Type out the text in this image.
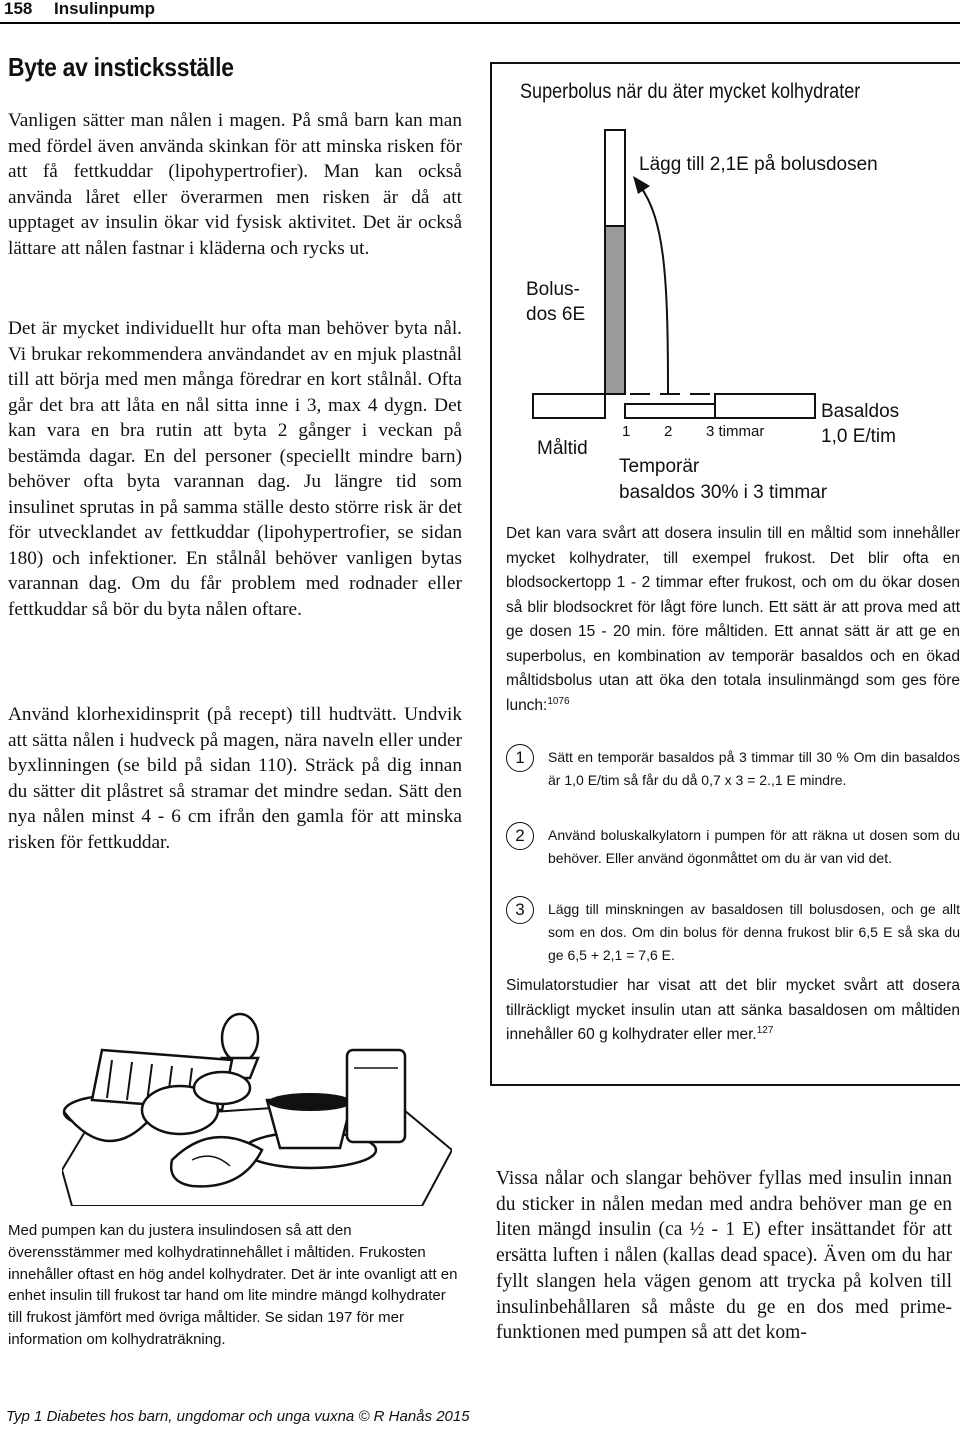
158 Insulinpump
Byte av insticksställe

Vanligen sätter man nålen i magen. På små barn kan man med fördel även använda skinkan för att minska risken för att få fettkuddar (lipohypertrofier). Man kan också använda låret eller överarmen men risken är då att upptaget av insulin ökar vid fysisk aktivitet. Det är också lättare att nålen fastnar i kläderna och rycks ut.

Det är mycket individuellt hur ofta man behöver byta nål. Vi brukar rekommendera användandet av en mjuk plastnål till att börja med men många föredrar en kort stålnål. Ofta går det bra att låta en nål sitta inne i 3, max 4 dygn. Det kan vara en bra rutin att byta 2 gånger i veckan på bestämda dagar. En del personer (speciellt mindre barn) behöver ofta byta varannan dag. Ju längre tid som insulinet sprutas in på samma ställe desto större risk är det för utvecklandet av fettkuddar (lipohypertrofier, se sidan 180) och infektioner. En stålnål behöver vanligen bytas varannan dag. Om du får problem med rodnader eller fettkuddar så bör du byta nålen oftare.

Använd klorhexidinsprit (på recept) till hudtvätt. Undvik att sätta nålen i hudveck på magen, nära naveln eller under byxlinningen (se bild på sidan 110). Sträck på dig innan du sätter dit plåstret så stramar det mindre sedan. Sätt den nya nålen minst 4 - 6 cm ifrån den gamla för att minska risken för fettkuddar.

Superbolus när du äter mycket kolhydrater
Lägg till 2,1E på bolusdosen
Bolus-
dos 6E
Måltid
1 2 3 timmar
Basaldos
1,0 E/tim
Temporär
basaldos 30% i 3 timmar

Det kan vara svårt att dosera insulin till en måltid som innehåller mycket kolhydrater, till exempel frukost. Det blir ofta en blodsockertopp 1 - 2 timmar efter frukost, och om du ökar dosen så blir blodsockret för lågt före lunch. Ett sätt är att prova med att ge dosen 15 - 20 min. före måltiden. Ett annat sätt är att ge en superbolus, en kombination av temporär basaldos och en ökad måltidsbolus utan att öka den totala insulinmängd som ges före lunch:$^{1076}$

1	Sätt en temporär basaldos på 3 timmar till 30 % Om din basaldos är 1,0 E/tim så får du då 0,7 x 3 = 2.,1 E mindre.

2	Använd boluskalkylatorn i pumpen för att räkna ut dosen som du behöver. Eller använd ögonmåttet om du är van vid det.

3	Lägg till minskningen av basaldosen till bolusdosen, och ge allt som en dos. Om din bolus för denna frukost blir 6,5 E så ska du ge 6,5 + 2,1 = 7,6 E.

Simulatorstudier har visat att det blir mycket svårt att dosera tillräckligt mycket insulin utan att sänka basaldosen om måltiden innehåller 60 g kolhydrater eller mer.$^{127}$

Med pumpen kan du justera insulindosen så att den överensstämmer med kolhydratinnehållet i måltiden. Frukosten innehåller oftast en hög andel kolhydrater. Det är inte ovanligt att en enhet insulin till frukost tar hand om lite mindre mängd kolhydrater till frukost jämfört med övriga måltider. Se sidan 197 för mer information om kolhydraträkning.

Vissa nålar och slangar behöver fyllas med insulin innan du sticker in nålen medan med andra behöver man ge en liten mängd insulin (ca ½ - 1 E) efter insättandet för att ersätta luften i nålen (kallas dead space). Även om du har fyllt slangen hela vägen genom att trycka på kolven till insulinbehållaren så måste du ge en dos med prime-funktionen med pumpen så att det kom-

Typ 1 Diabetes hos barn, ungdomar och unga vuxna © R Hanås 2015
